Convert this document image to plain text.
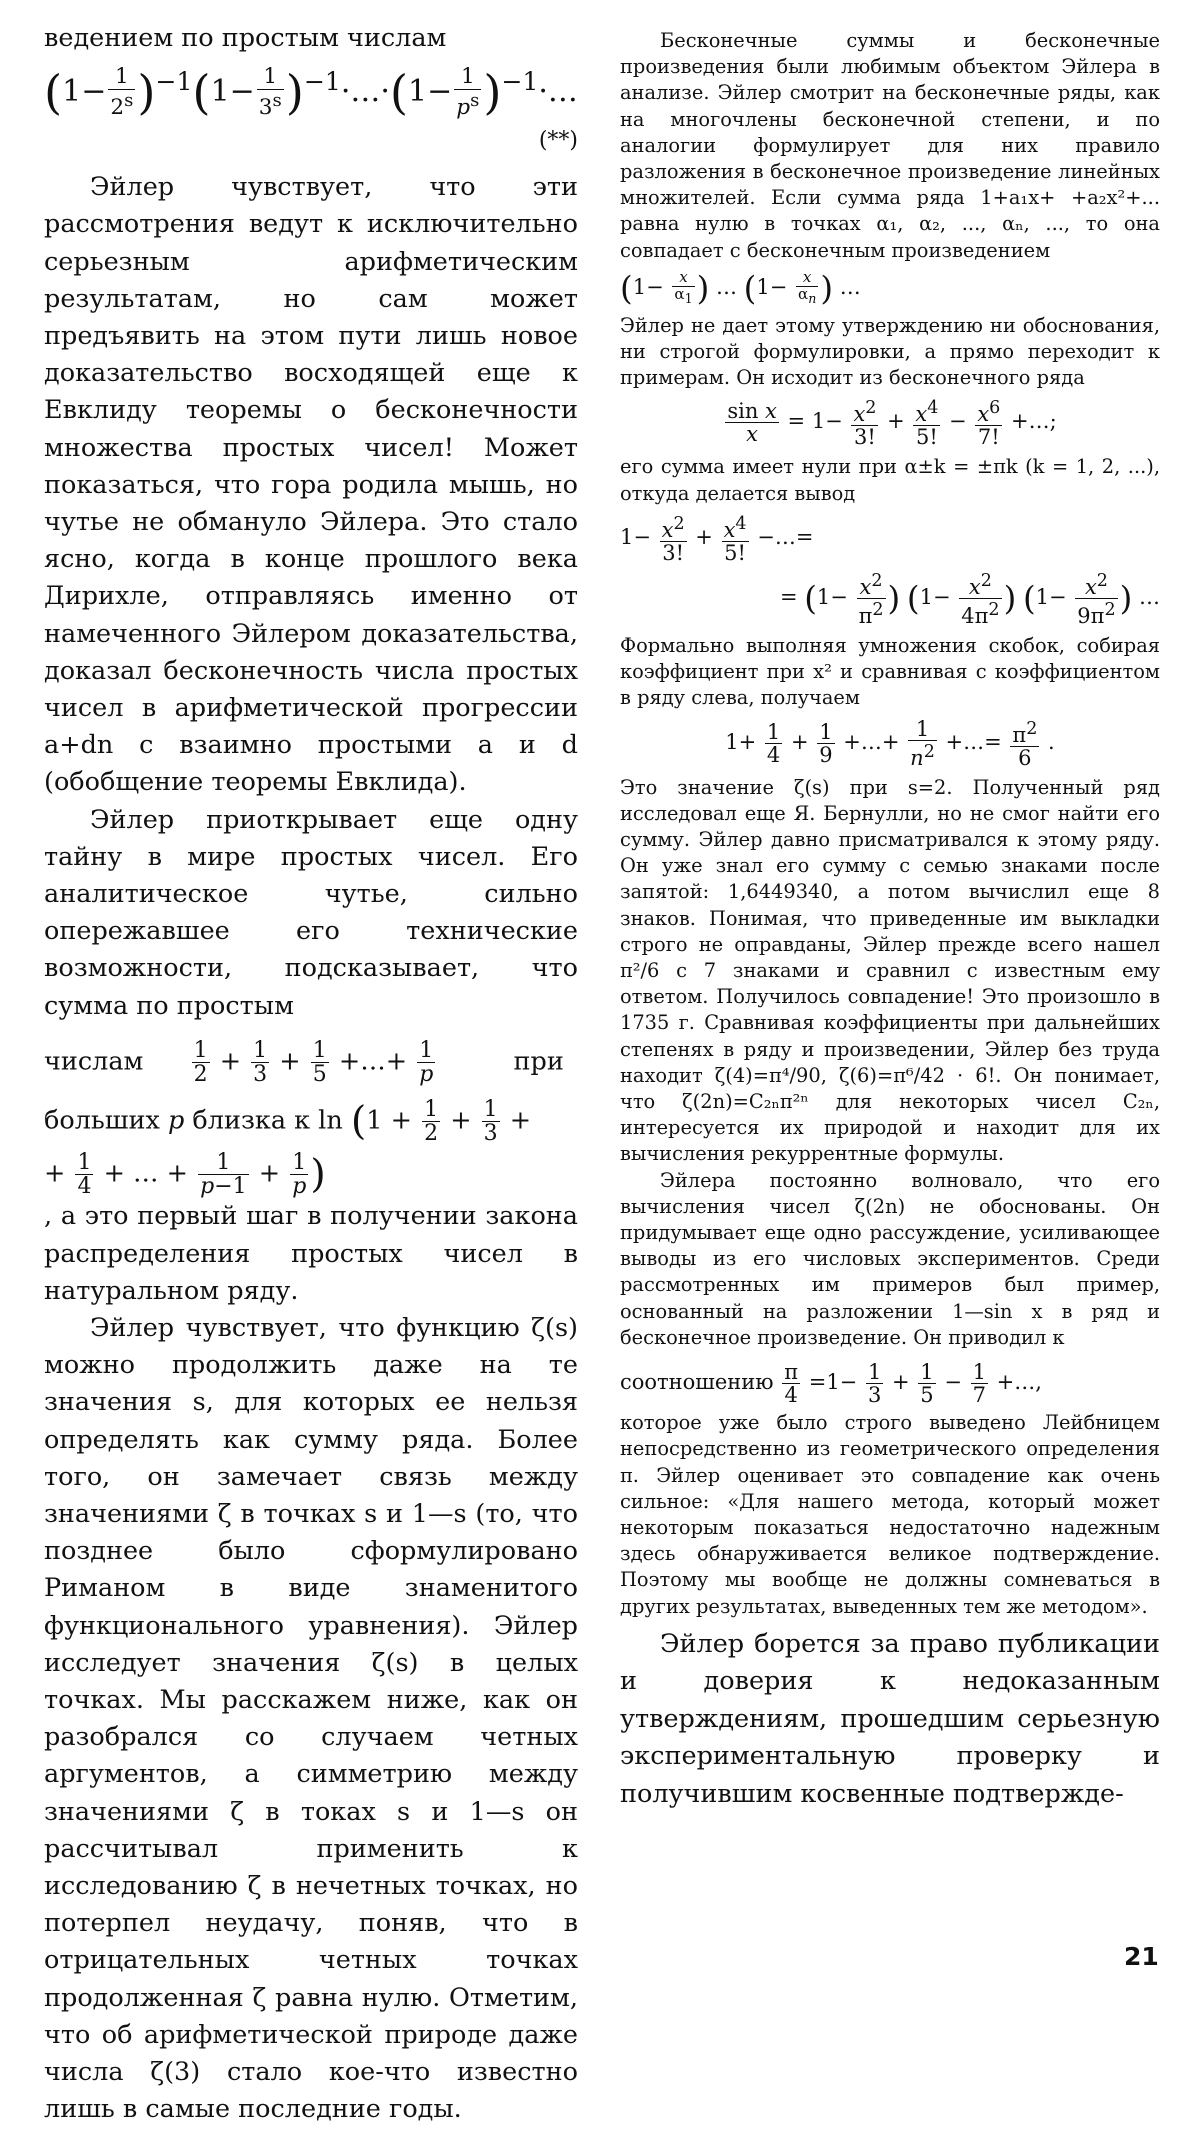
ведением по простым числам

$(1- \frac{1}{2^s} )^{-1}(1- \frac{1}{3^s}$ )$^{-1}\cdot\dots\cdot(1- \frac{1}{p^s}$ )$^{-1}$·…
(**)

Эйлер чувствует, что эти рассмотрения ведут к исключительно серьезным арифметическим результатам, но сам может предъявить на этом пути лишь новое доказательство восходящей еще к Евклиду теоремы о бесконечности множества простых чисел! Может показаться, что гора родила мышь, но чутье не обмануло Эйлера. Это стало ясно, когда в конце прошлого века Дирихле, отправляясь именно от намеченного Эйлером доказательства, доказал бесконечность числа простых чисел в арифметической прогрессии a+dn с взаимно простыми a и d (обобщение теоремы Евклида).

Эйлер приоткрывает еще одну тайну в мире простых чисел. Его аналитическое чутье, сильно опережавшее его технические возможности, подсказывает, что сумма по простым

числам $\frac{1}{2} + \frac{1}{3} + \frac{1}{5}$ +…+ $\frac{1}{p}$	при
больших p близка к $\ln (1 + \frac{1}{2} + \frac{1}{3}$ +
+ $\frac{1}{4}$ + … + $\frac{1}{p-1} + \frac{1}{p}$ )

, а это первый шаг в получении закона распределения простых чисел в натуральном ряду.

Эйлер чувствует, что функцию ζ(s) можно продолжить даже на те значения s, для которых ее нельзя определять как сумму ряда. Более того, он замечает связь между значениями ζ в точках s и 1—s (то, что позднее было сформулировано Риманом в виде знаменитого функционального уравнения). Эйлер исследует значения ζ(s) в целых точках. Мы расскажем ниже, как он разобрался со случаем четных аргументов, а симметрию между значениями ζ в токах s и 1—s он рассчитывал применить к исследованию ζ в нечетных точках, но потерпел неудачу, поняв, что в отрицательных четных точках продолженная ζ равна нулю. Отметим, что об арифметической природе даже числа ζ(3) стало кое-что известно лишь в самые последние годы.

Бесконечные суммы и бесконечные произведения были любимым объектом Эйлера в анализе. Эйлер смотрит на бесконечные ряды, как на многочлены бесконечной степени, и по аналогии формулирует для них правило разложения в бесконечное произведение линейных множителей. Если сумма ряда 1+a₁x+ +a₂x²+... равна нулю в точках α₁, α₂, ..., αₙ, ..., то она совпадает с бесконечным произведением

($1- \frac{x}{\alpha_1}$ ) … ($1- \frac{x}{\alpha_n}$ ) …

Эйлер не дает этому утверждению ни обоснования, ни строгой формулировки, а прямо переходит к примерам. Он исходит из бесконечного ряда

$\frac{\text{sin x}}{x} = 1- \frac{x^2}{3!} + \frac{x^4}{5!} - \frac{x^6}{7!}$ +…;

его сумма имеет нули при α±k = ±πk (k = 1, 2, ...), откуда делается вывод

$1- \frac{x^2}{3!} + \frac{x^4}{5!}$ −…=
= ($1- \frac{x^2}{\pi^2}$ ) ($1- \frac{x^2}{4\pi^2}$ ) ($1- \frac{x^2}{9\pi^2}$ ) …

Формально выполняя умножения скобок, собирая коэффициент при x² и сравнивая с коэффициентом в ряду слева, получаем

$1+ \frac{1}{4} + \frac{1}{9}$ +…+ $\frac{1}{n^2}$ +…= $\frac{\pi^2}{6}$ .

Это значение ζ(s) при s=2. Полученный ряд исследовал еще Я. Бернулли, но не смог найти его сумму. Эйлер давно присматривался к этому ряду. Он уже знал его сумму с семью знаками после запятой: 1,6449340, а потом вычислил еще 8 знаков. Понимая, что приведенные им выкладки строго не оправданы, Эйлер прежде всего нашел π²/6 с 7 знаками и сравнил с известным ему ответом. Получилось совпадение! Это произошло в 1735 г. Сравнивая коэффициенты при дальнейших степенях в ряду и произведении, Эйлер без труда находит ζ(4)=π⁴/90, ζ(6)=π⁶/42 · 6!. Он понимает, что ζ(2n)=C₂ₙπ²ⁿ для некоторых чисел C₂ₙ, интересуется их природой и находит для их вычисления рекуррентные формулы.

Эйлера постоянно волновало, что его вычисления чисел ζ(2n) не обоснованы. Он придумывает еще одно рассуждение, усиливающее выводы из его числовых экспериментов. Среди рассмотренных им примеров был пример, основанный на разложении 1—sin x в ряд и бесконечное произведение. Он приводил к

соотношению $\frac{\pi}{4} =1- \frac{1}{3} + \frac{1}{5} - \frac{1}{7}$ +…,

которое уже было строго выведено Лейбницем непосредственно из геометрического определения π. Эйлер оценивает это совпадение как очень сильное: «Для нашего метода, который может некоторым показаться недостаточно надежным здесь обнаруживается великое подтверждение. Поэтому мы вообще не должны сомневаться в других результатах, выведенных тем же методом».

Эйлер борется за право публикации и доверия к недоказанным утверждениям, прошедшим серьезную экспериментальную проверку и получившим косвенные подтвержде-

21
